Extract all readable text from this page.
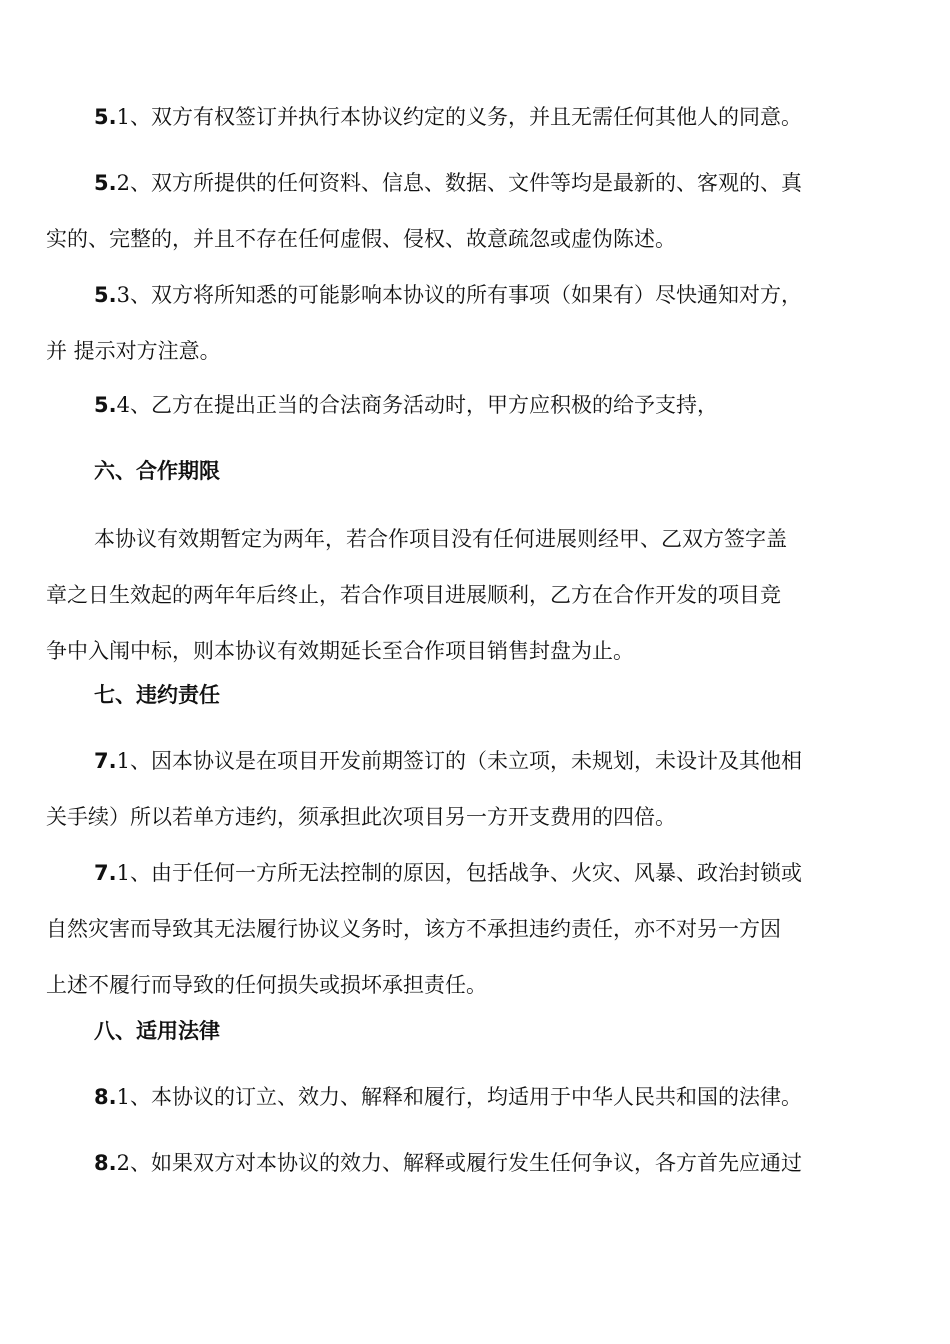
5.1、双方有权签订并执行本协议约定的义务，并且无需任何其他人的同意。
5.2、双方所提供的任何资料、信息、数据、文件等均是最新的、客观的、真
实的、完整的，并且不存在任何虚假、侵权、故意疏忽或虚伪陈述。
5.3、双方将所知悉的可能影响本协议的所有事项（如果有）尽快通知对方，
并 提示对方注意。
5.4、乙方在提出正当的合法商务活动时，甲方应积极的给予支持，
六、合作期限
本协议有效期暂定为两年，若合作项目没有任何进展则经甲、乙双方签字盖
章之日生效起的两年年后终止，若合作项目进展顺利，乙方在合作开发的项目竞
争中入闱中标，则本协议有效期延长至合作项目销售封盘为止。
七、违约责任
7.1、因本协议是在项目开发前期签订的（未立项，未规划，未设计及其他相
关手续）所以若单方违约，须承担此次项目另一方开支费用的四倍。
7.1、由于任何一方所无法控制的原因，包括战争、火灾、风暴、政治封锁或
自然灾害而导致其无法履行协议义务时，该方不承担违约责任，亦不对另一方因
上述不履行而导致的任何损失或损坏承担责任。
八、适用法律
8.1、本协议的订立、效力、解释和履行，均适用于中华人民共和国的法律。
8.2、如果双方对本协议的效力、解释或履行发生任何争议，各方首先应通过
